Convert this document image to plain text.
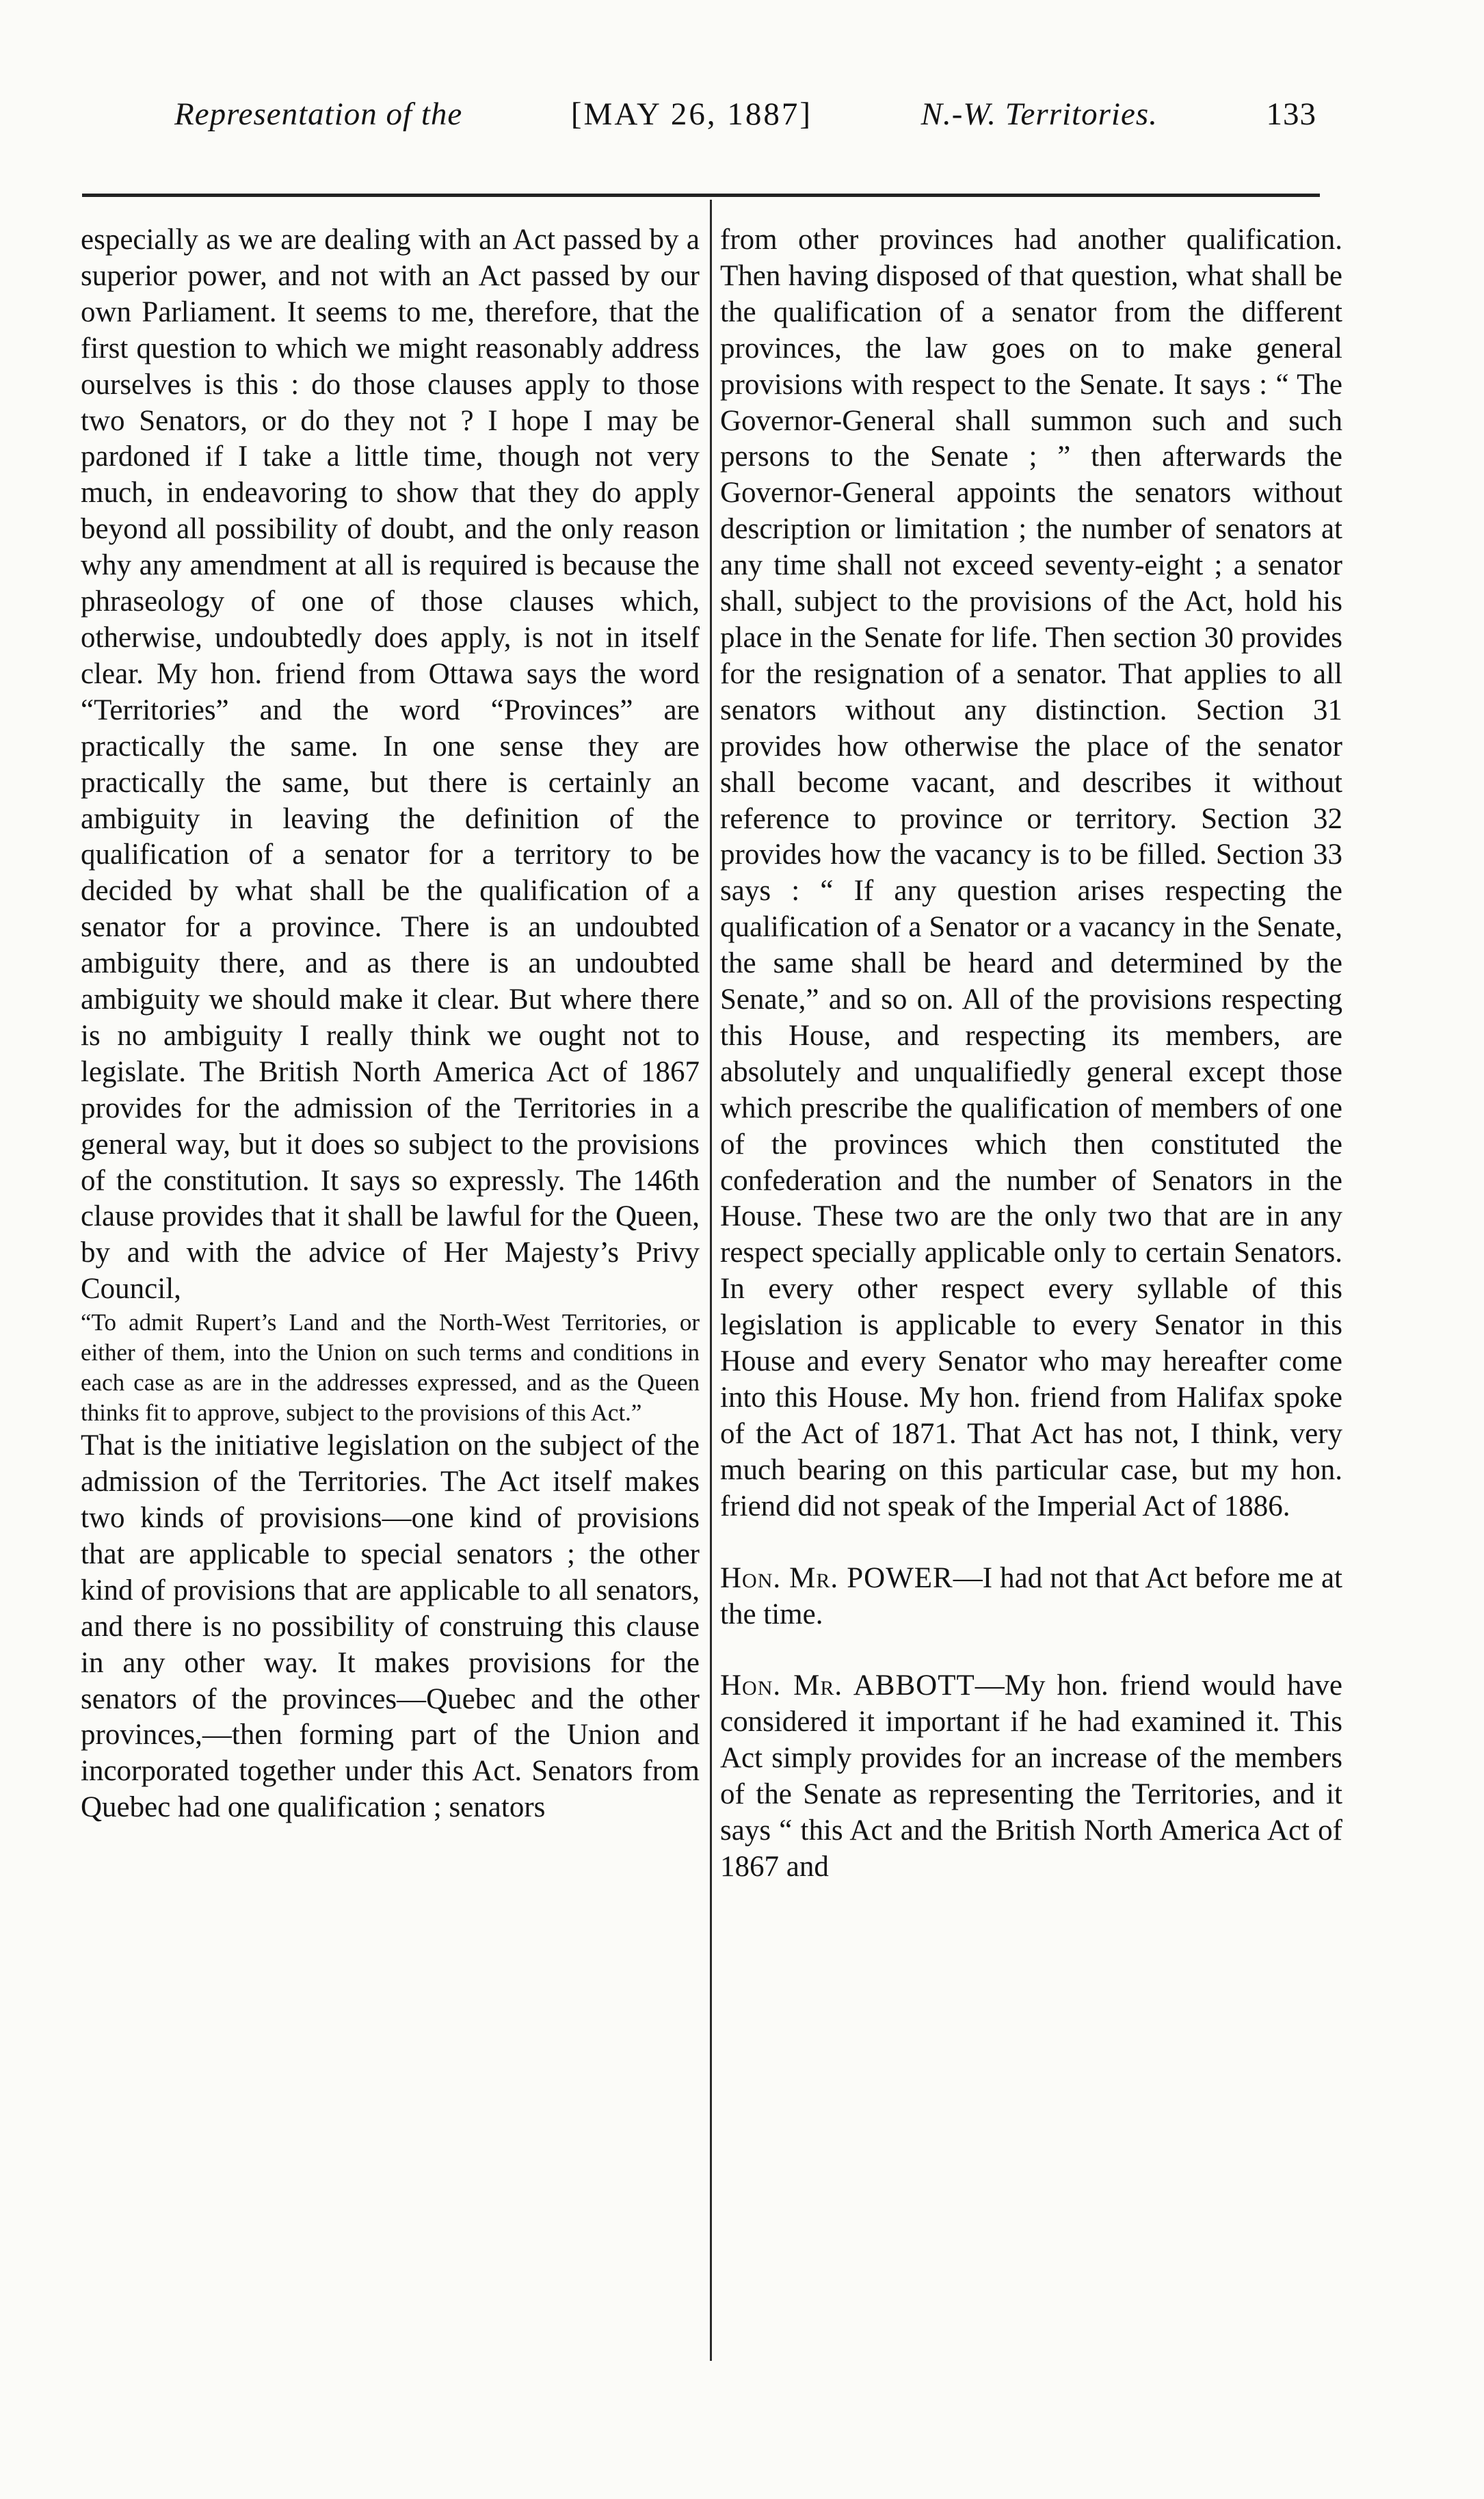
Representation of the	[MAY 26, 1887]	N.-W. Territories.	133

especially as we are dealing with an Act passed by a superior power, and not with an Act passed by our own Parliament. It seems to me, therefore, that the first question to which we might reasonably address ourselves is this : do those clauses apply to those two Senators, or do they not ? I hope I may be pardoned if I take a little time, though not very much, in endeavoring to show that they do apply beyond all possibility of doubt, and the only reason why any amendment at all is required is because the phraseology of one of those clauses which, otherwise, undoubtedly does apply, is not in itself clear. My hon. friend from Ottawa says the word “Territories” and the word “Provinces” are practically the same. In one sense they are practically the same, but there is certainly an ambiguity in leaving the definition of the qualification of a senator for a territory to be decided by what shall be the qualification of a senator for a province. There is an undoubted ambiguity there, and as there is an undoubted ambiguity we should make it clear. But where there is no ambiguity I really think we ought not to legislate. The British North America Act of 1867 provides for the admission of the Territories in a general way, but it does so subject to the provisions of the constitution. It says so expressly. The 146th clause provides that it shall be lawful for the Queen, by and with the advice of Her Majesty’s Privy Council,

“To admit Rupert’s Land and the North-West Territories, or either of them, into the Union on such terms and conditions in each case as are in the addresses expressed, and as the Queen thinks fit to approve, subject to the provisions of this Act.”

That is the initiative legislation on the subject of the admission of the Territories. The Act itself makes two kinds of provisions—one kind of provisions that are applicable to special senators ; the other kind of provisions that are applicable to all senators, and there is no possibility of construing this clause in any other way. It makes provisions for the senators of the provinces—Quebec and the other provinces,—then forming part of the Union and incorporated together under this Act. Senators from Quebec had one qualification ; senators

from other provinces had another qualification. Then having disposed of that question, what shall be the qualification of a senator from the different provinces, the law goes on to make general provisions with respect to the Senate. It says : “ The Governor-General shall summon such and such persons to the Senate ; ” then afterwards the Governor-General appoints the senators without description or limitation ; the number of senators at any time shall not exceed seventy-eight ; a senator shall, subject to the provisions of the Act, hold his place in the Senate for life. Then section 30 provides for the resignation of a senator. That applies to all senators without any distinction. Section 31 provides how otherwise the place of the senator shall become vacant, and describes it without reference to province or territory. Section 32 provides how the vacancy is to be filled. Section 33 says : “ If any question arises respecting the qualification of a Senator or a vacancy in the Senate, the same shall be heard and determined by the Senate,” and so on. All of the provisions respecting this House, and respecting its members, are absolutely and unqualifiedly general except those which prescribe the qualification of members of one of the provinces which then constituted the confederation and the number of Senators in the House. These two are the only two that are in any respect specially applicable only to certain Senators. In every other respect every syllable of this legislation is applicable to every Senator in this House and every Senator who may hereafter come into this House. My hon. friend from Halifax spoke of the Act of 1871. That Act has not, I think, very much bearing on this particular case, but my hon. friend did not speak of the Imperial Act of 1886.

Hon. Mr. POWER—I had not that Act before me at the time.

Hon. Mr. ABBOTT—My hon. friend would have considered it important if he had examined it. This Act simply provides for an increase of the members of the Senate as representing the Territories, and it says “ this Act and the British North America Act of 1867 and
